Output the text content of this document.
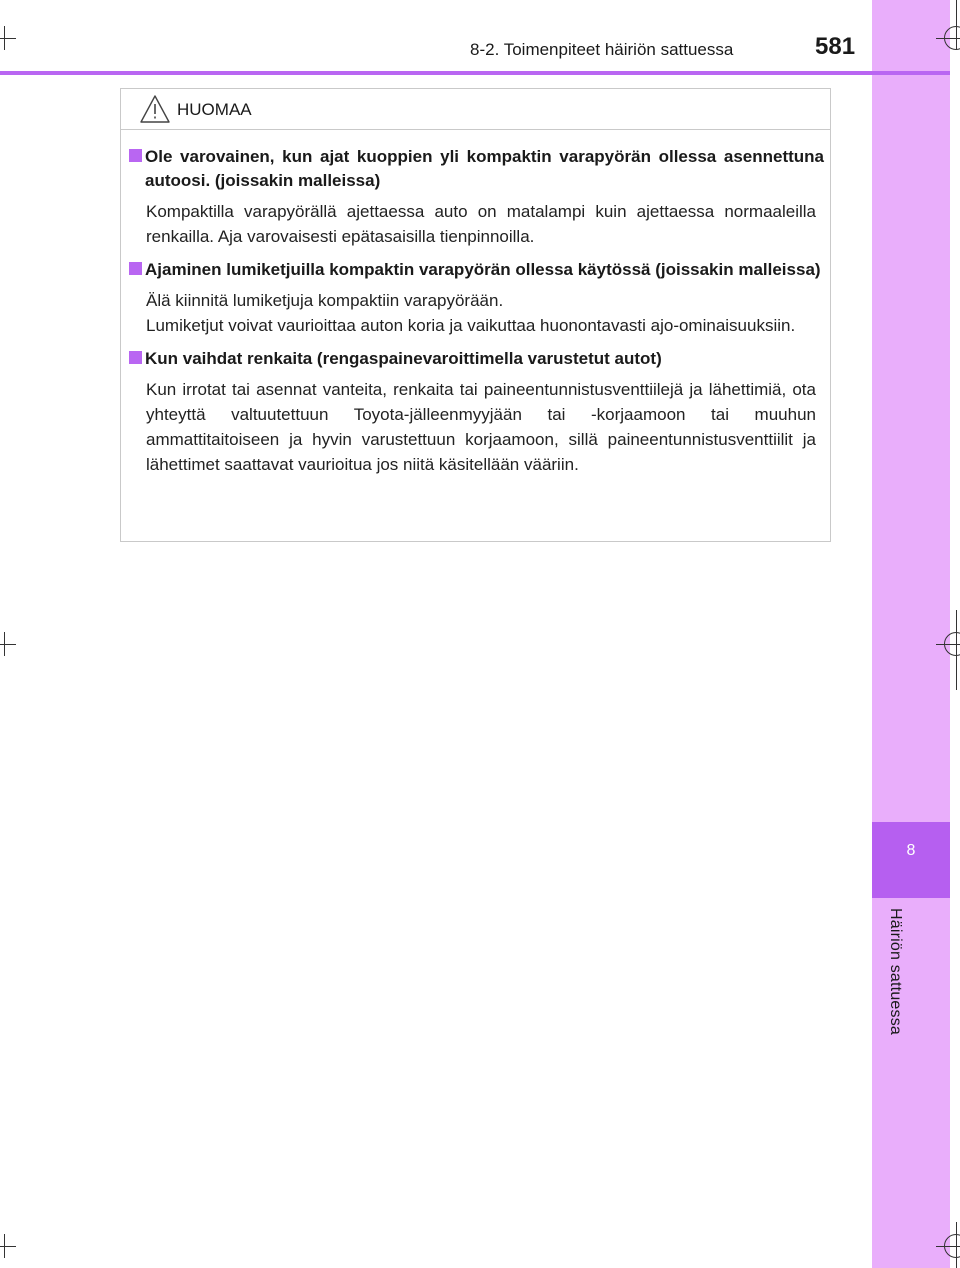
8
Häiriön sattuessa
8-2. Toimenpiteet häiriön sattuessa	581
HUOMAA
Ole varovainen, kun ajat kuoppien yli kompaktin varapyörän ollessa asennettuna autoosi. (joissakin malleissa)
Kompaktilla varapyörällä ajettaessa auto on matalampi kuin ajettaessa normaaleilla renkailla. Aja varovaisesti epätasaisilla tienpinnoilla.
Ajaminen lumiketjuilla kompaktin varapyörän ollessa käytössä (joissakin malleissa)
Älä kiinnitä lumiketjuja kompaktiin varapyörään.
Lumiketjut voivat vaurioittaa auton koria ja vaikuttaa huonontavasti ajo-ominaisuuksiin.
Kun vaihdat renkaita (rengaspainevaroittimella varustetut autot)
Kun irrotat tai asennat vanteita, renkaita tai paineentunnistusventtiilejä ja lähettimiä, ota yhteyttä valtuutettuun Toyota-jälleenmyyjään tai -korjaamoon tai muuhun ammattitaitoiseen ja hyvin varustettuun korjaamoon, sillä paineentunnistusventtiilit ja lähettimet saattavat vaurioitua jos niitä käsitellään vääriin.
